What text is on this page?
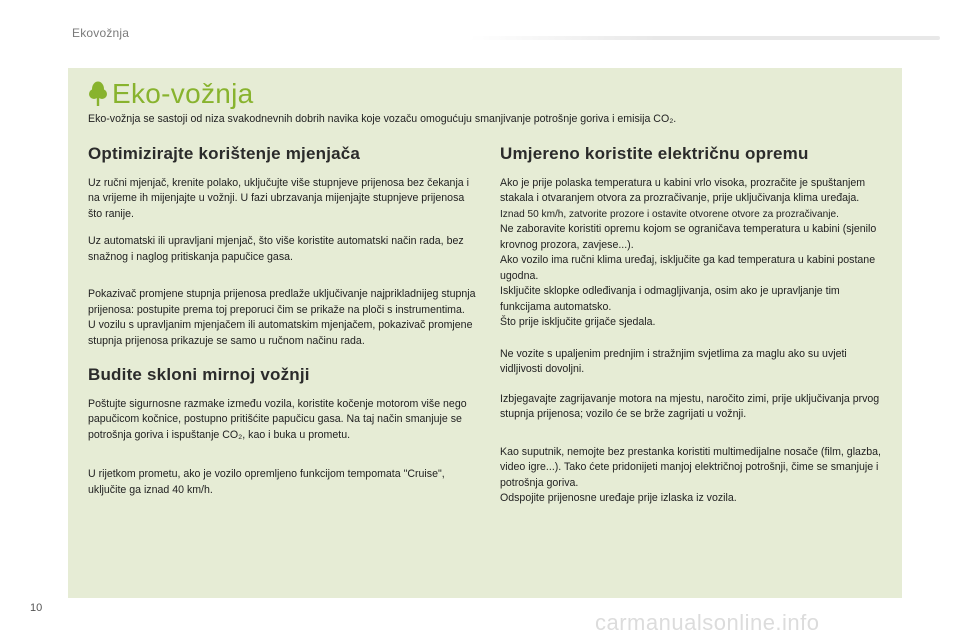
Ekovožnja
Eko-vožnja
Eko-vožnja se sastoji od niza svakodnevnih dobrih navika koje vozaču omogućuju smanjivanje potrošnje goriva i emisija CO₂.
Optimizirajte korištenje mjenjača
Uz ručni mjenjač, krenite polako, uključujte više stupnjeve prijenosa bez čekanja i na vrijeme ih mijenjajte u vožnji. U fazi ubrzavanja mijenjajte stupnjeve prijenosa što ranije.
Uz automatski ili upravljani mjenjač, što više koristite automatski način rada, bez snažnog i naglog pritiskanja papučice gasa.
Pokazivač promjene stupnja prijenosa predlaže uključivanje najprikladnijeg stupnja prijenosa: postupite prema toj preporuci čim se prikaže na ploči s instrumentima.
U vozilu s upravljanim mjenjačem ili automatskim mjenjačem, pokazivač promjene stupnja prijenosa prikazuje se samo u ručnom načinu rada.
Budite skloni mirnoj vožnji
Poštujte sigurnosne razmake između vozila, koristite kočenje motorom više nego papučicom kočnice, postupno pritišćite papučicu gasa. Na taj način smanjuje se potrošnja goriva i ispuštanje CO₂, kao i buka u prometu.
U rijetkom prometu, ako je vozilo opremljeno funkcijom tempomata "Cruise", uključite ga iznad 40 km/h.
Umjereno koristite električnu opremu
Ako je prije polaska temperatura u kabini vrlo visoka, prozračite je spuštanjem stakala i otvaranjem otvora za prozračivanje, prije uključivanja klima uređaja.
Iznad 50 km/h, zatvorite prozore i ostavite otvorene otvore za prozračivanje.
Ne zaboravite koristiti opremu kojom se ograničava temperatura u kabini (sjenilo krovnog prozora, zavjese...).
Ako vozilo ima ručni klima uređaj, isključite ga kad temperatura u kabini postane ugodna.
Isključite sklopke odleđivanja i odmagljivanja, osim ako je upravljanje tim funkcijama automatsko.
Što prije isključite grijače sjedala.
Ne vozite s upaljenim prednjim i stražnjim svjetlima za maglu ako su uvjeti vidljivosti dovoljni.
Izbjegavajte zagrijavanje motora na mjestu, naročito zimi, prije uključivanja prvog stupnja prijenosa; vozilo će se brže zagrijati u vožnji.
Kao suputnik, nemojte bez prestanka koristiti multimedijalne nosače (film, glazba, video igre...). Tako ćete pridonijeti manjoj električnoj potrošnji, čime se smanjuje i potrošnja goriva.
Odspojite prijenosne uređaje prije izlaska iz vozila.
10
carmanualsonline.info
